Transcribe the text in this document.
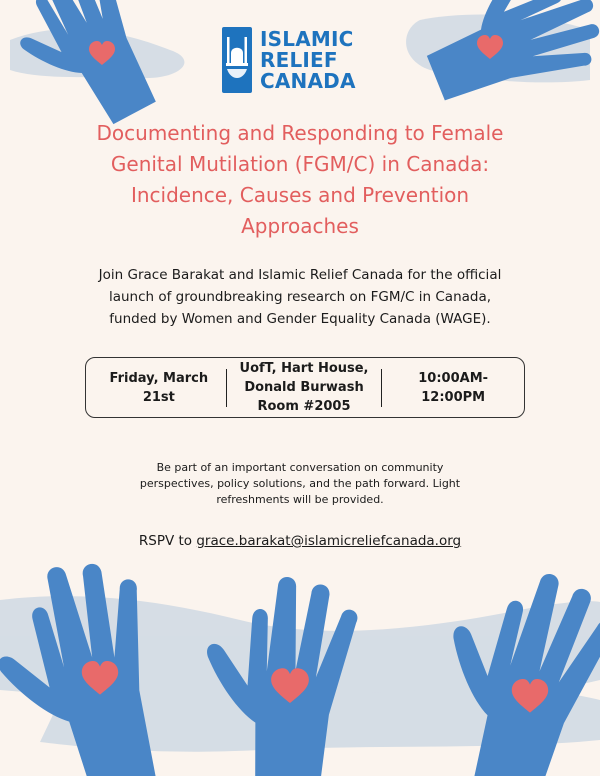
ISLAMIC
RELIEF
CANADA
Documenting and Responding to Female
Genital Mutilation (FGM/C) in Canada:
Incidence, Causes and Prevention
Approaches
Join Grace Barakat and Islamic Relief Canada for the official
launch of groundbreaking research on FGM/C in Canada,
funded by Women and Gender Equality Canada (WAGE).
Friday, March 21st
UofT, Hart House,
Donald Burwash
Room #2005
10:00AM-
12:00PM
Be part of an important conversation on community
perspectives, policy solutions, and the path forward. Light
refreshments will be provided.
RSPV to grace.barakat@islamicreliefcanada.org
